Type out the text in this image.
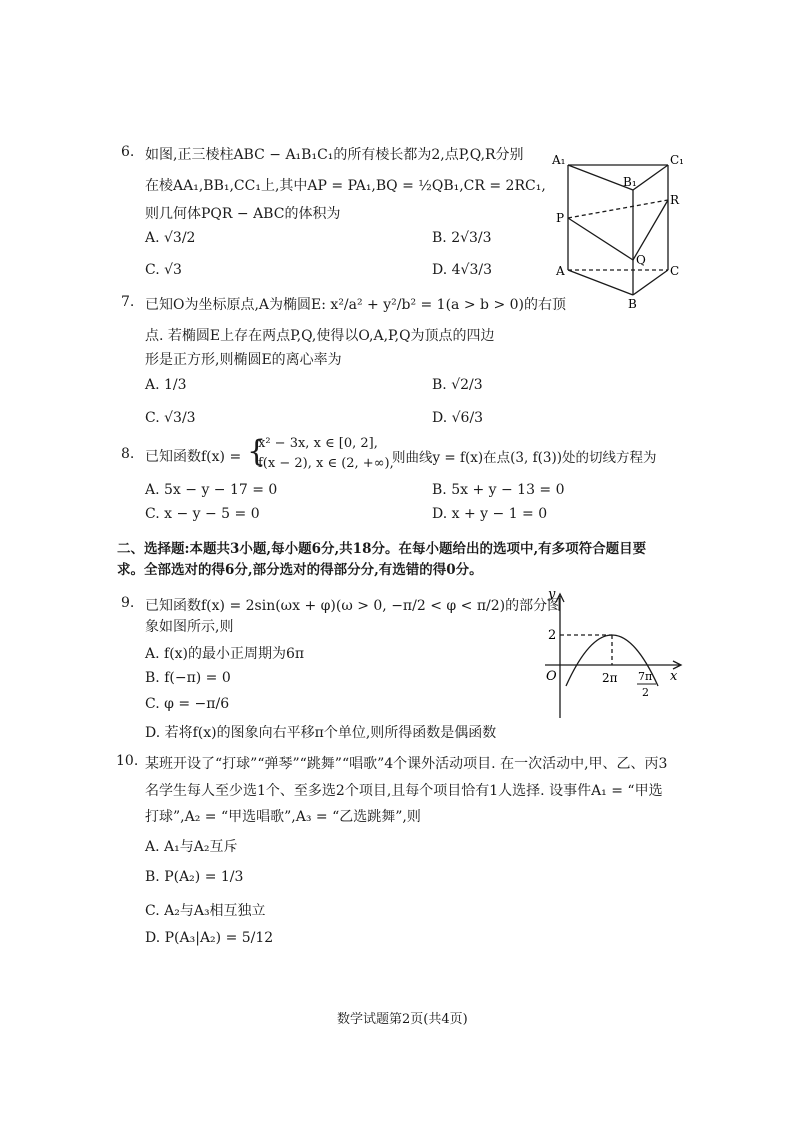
6. 如图,正三棱柱ABC − A₁B₁C₁的所有棱长都为2,点P,Q,R分别
在棱AA₁,BB₁,CC₁上,其中AP = PA₁,BQ = ½QB₁,CR = 2RC₁,
则几何体PQR − ABC的体积为
A. √3/2	B. 2√3/3
C. √3	D. 4√3/3
A₁	C₁
B₁
P
R
Q
A	C
B
7. 已知O为坐标原点,A为椭圆E: x²/a² + y²/b² = 1(a > b > 0)的右顶
点. 若椭圆E上存在两点P,Q,使得以O,A,P,Q为顶点的四边
形是正方形,则椭圆E的离心率为
A. 1/3	B. √2/3
C. √3/3	D. √6/3
8. 已知函数f(x) = {
x² − 3x, x ∈ [0, 2],
f(x − 2), x ∈ (2, +∞),
则曲线y = f(x)在点(3, f(3))处的切线方程为
A. 5x − y − 17 = 0	B. 5x + y − 13 = 0
C. x − y − 5 = 0	D. x + y − 1 = 0
二、选择题:本题共3小题,每小题6分,共18分。在每小题给出的选项中,有多项符合题目要
求。全部选对的得6分,部分选对的得部分分,有选错的得0分。
9. 已知函数f(x) = 2sin(ωx + φ)(ω > 0, −π/2 < φ < π/2)的部分图
象如图所示,则
A. f(x)的最小正周期为6π
B. f(−π) = 0
C. φ = −π/6
D. 若将f(x)的图象向右平移π个单位,则所得函数是偶函数
y
x
O
2
2π 7π
2
10. 某班开设了“打球”“弹琴”“跳舞”“唱歌”4个课外活动项目. 在一次活动中,甲、乙、丙3
名学生每人至少选1个、至多选2个项目,且每个项目恰有1人选择. 设事件A₁ = “甲选
打球”,A₂ = “甲选唱歌”,A₃ = “乙选跳舞”,则
A. A₁与A₂互斥
B. P(A₂) = 1/3
C. A₂与A₃相互独立
D. P(A₃|A₂) = 5/12
数学试题第2页(共4页)
